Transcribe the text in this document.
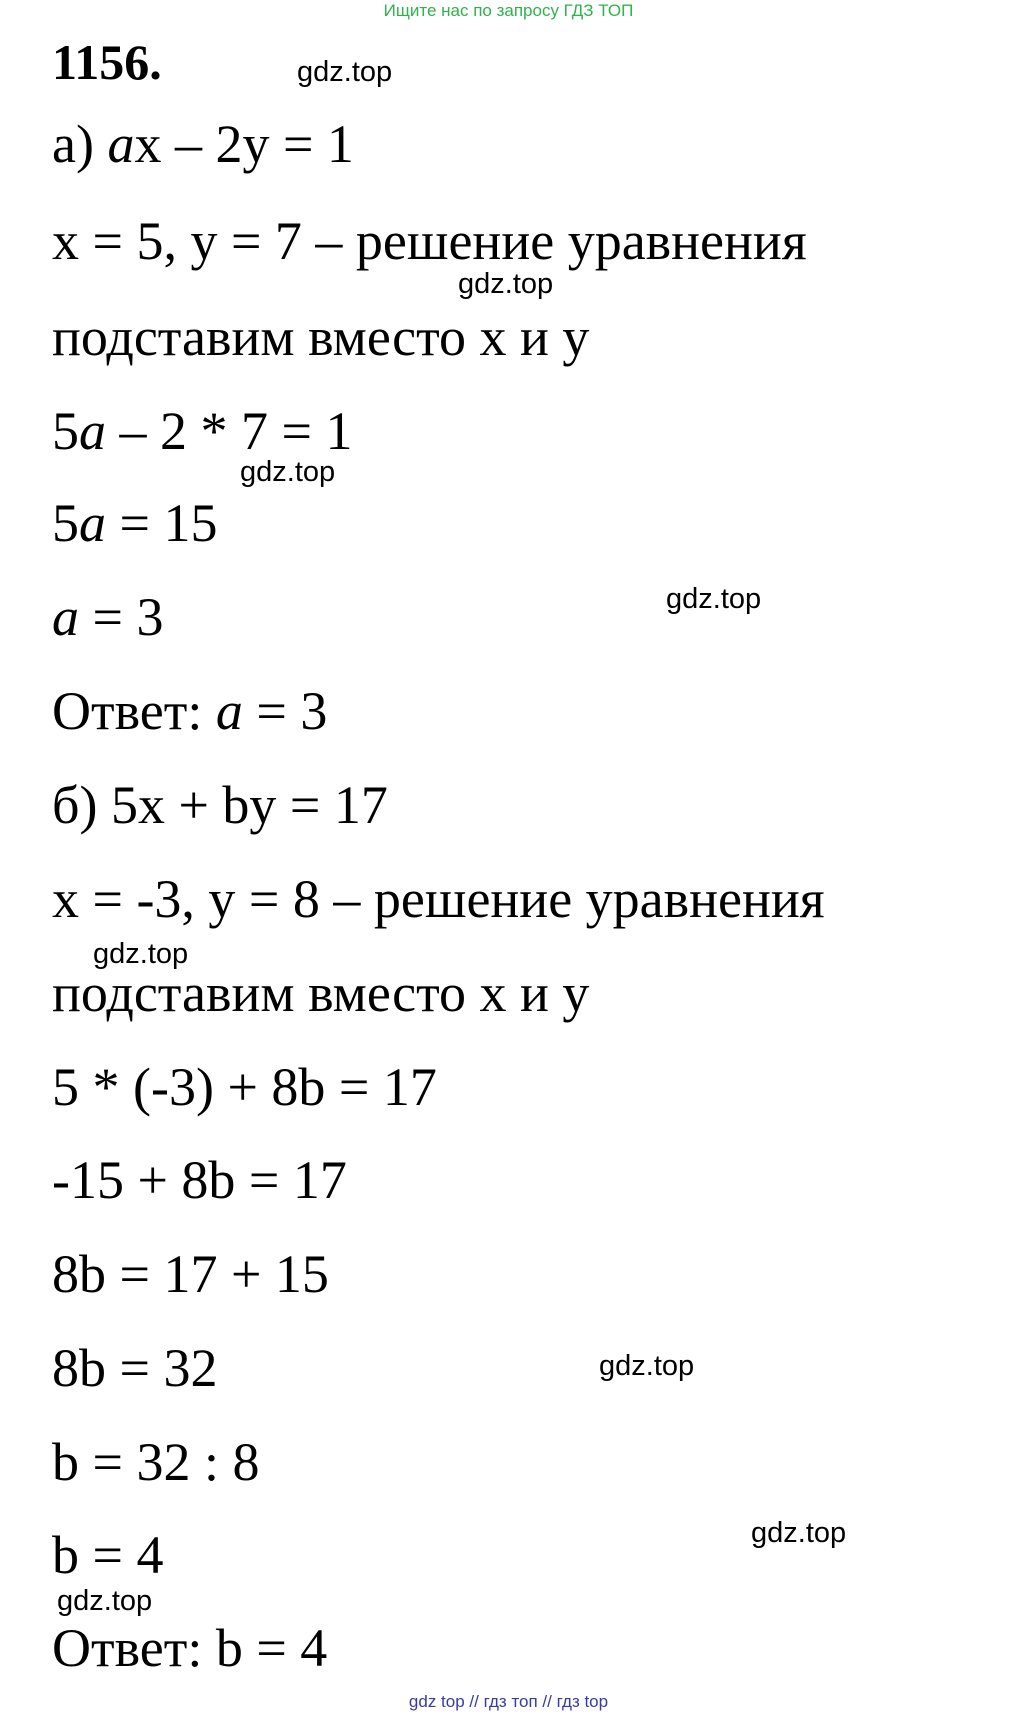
Ищите нас по запросу ГДЗ ТОП
1156.	gdz.top
а) ax – 2y = 1
x = 5, y = 7 – решение уравнения
gdz.top
подставим вместо x и y
5a – 2 * 7 = 1
gdz.top
5a = 15
gdz.top
a = 3
Ответ: a = 3
б) 5x + by = 17
x = -3, y = 8 – решение уравнения
gdz.top
подставим вместо x и y
5 * (-3) + 8b = 17
-15 + 8b = 17
8b = 17 + 15
8b = 32	gdz.top
b = 32 : 8
b = 4	gdz.top
gdz.top
Ответ: b = 4
gdz top // гдз топ // гдз top
